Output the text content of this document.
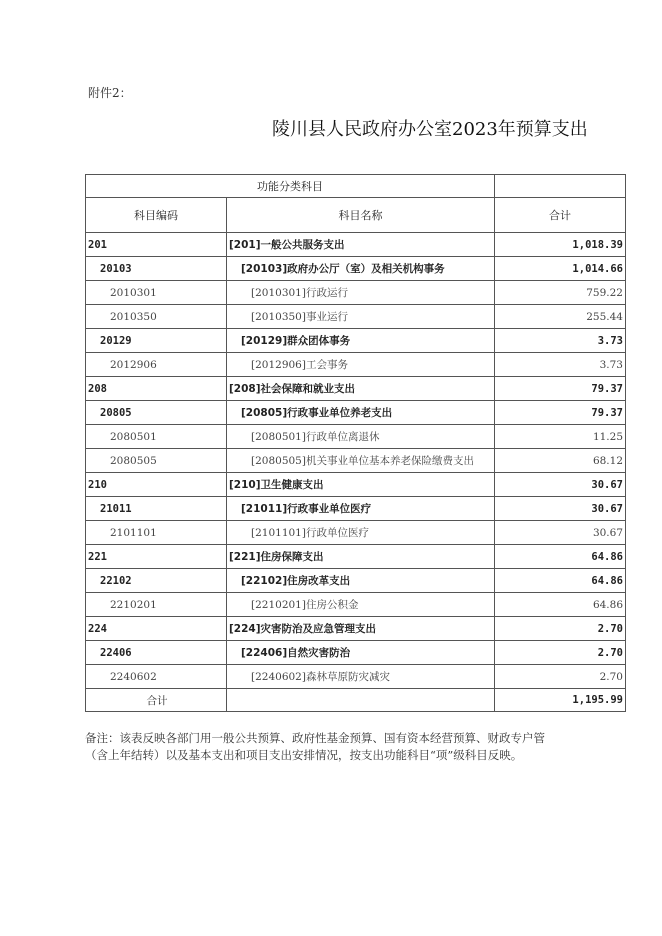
附件2：
陵川县人民政府办公室2023年预算支出
功能分类科目		
科目编码	科目名称	合计
201	[201]一般公共服务支出	1,018.39
20103	[20103]政府办公厅（室）及相关机构事务	1,014.66
2010301	[2010301]行政运行	759.22
2010350	[2010350]事业运行	255.44
20129	[20129]群众团体事务	3.73
2012906	[2012906]工会事务	3.73
208	[208]社会保障和就业支出	79.37
20805	[20805]行政事业单位养老支出	79.37
2080501	[2080501]行政单位离退休	11.25
2080505	[2080505]机关事业单位基本养老保险缴费支出	68.12
210	[210]卫生健康支出	30.67
21011	[21011]行政事业单位医疗	30.67
2101101	[2101101]行政单位医疗	30.67
221	[221]住房保障支出	64.86
22102	[22102]住房改革支出	64.86
2210201	[2210201]住房公积金	64.86
224	[224]灾害防治及应急管理支出	2.70
22406	[22406]自然灾害防治	2.70
2240602	[2240602]森林草原防灾减灾	2.70
合计		1,195.99
备注：该表反映各部门用一般公共预算、政府性基金预算、国有资本经营预算、财政专户管
（含上年结转）以及基本支出和项目支出安排情况，按支出功能科目“项”级科目反映。
